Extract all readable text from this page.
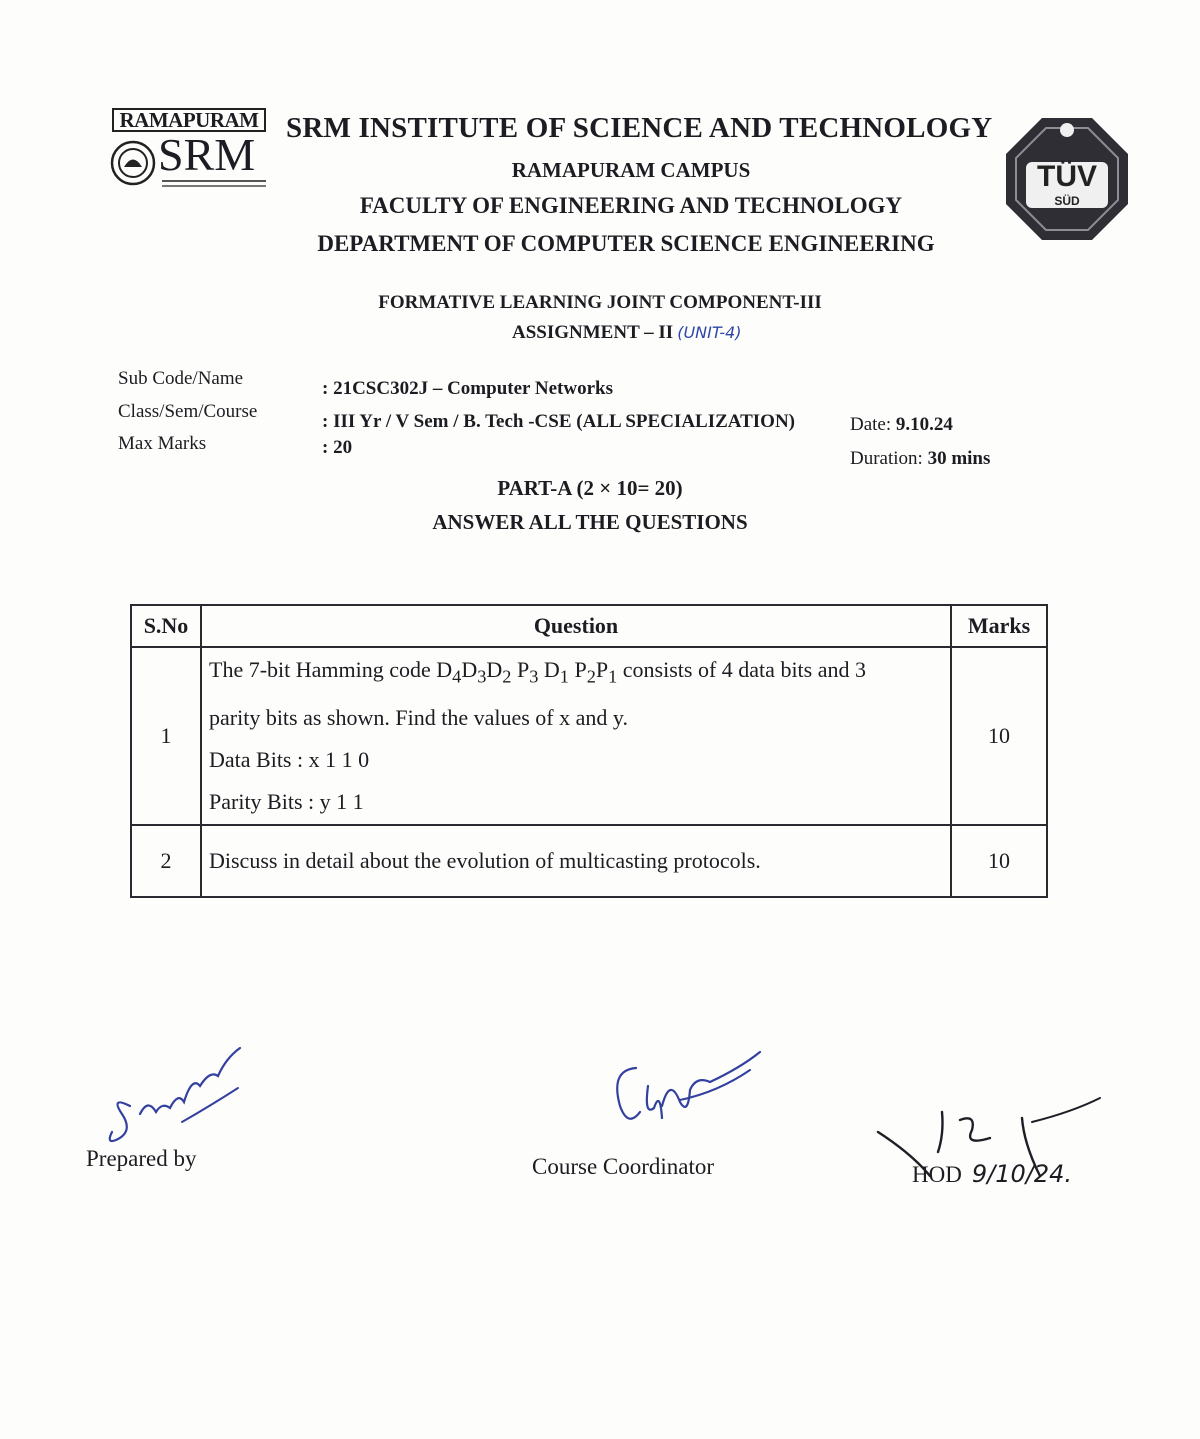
RAMAPURAM
SRM
SRM INSTITUTE OF SCIENCE AND TECHNOLOGY
RAMAPURAM CAMPUS
FACULTY OF ENGINEERING AND TECHNOLOGY
DEPARTMENT OF COMPUTER SCIENCE ENGINEERING
TÜV
SÜD
FORMATIVE LEARNING JOINT COMPONENT-III
ASSIGNMENT – II (UNIT-4)
Sub Code/Name	: 21CSC302J – Computer Networks
Class/Sem/Course	: III Yr / V Sem / B. Tech -CSE (ALL SPECIALIZATION)
Max Marks	: 20
Date: 9.10.24
Duration: 30 mins
PART-A (2 × 10= 20)
ANSWER ALL THE QUESTIONS
S.No	Question	Marks
1	The 7-bit Hamming code $D_4D_3D_2$ $P_3$ $D_1$ $P_2P_1$ consists of 4 data bits and 3
parity bits as shown. Find the values of x and y.
Data Bits : x 1 1 0
Parity Bits : y 1 1	10
2	Discuss in detail about the evolution of multicasting protocols.	10
Prepared by	Course Coordinator	HOD 9/10/24.
